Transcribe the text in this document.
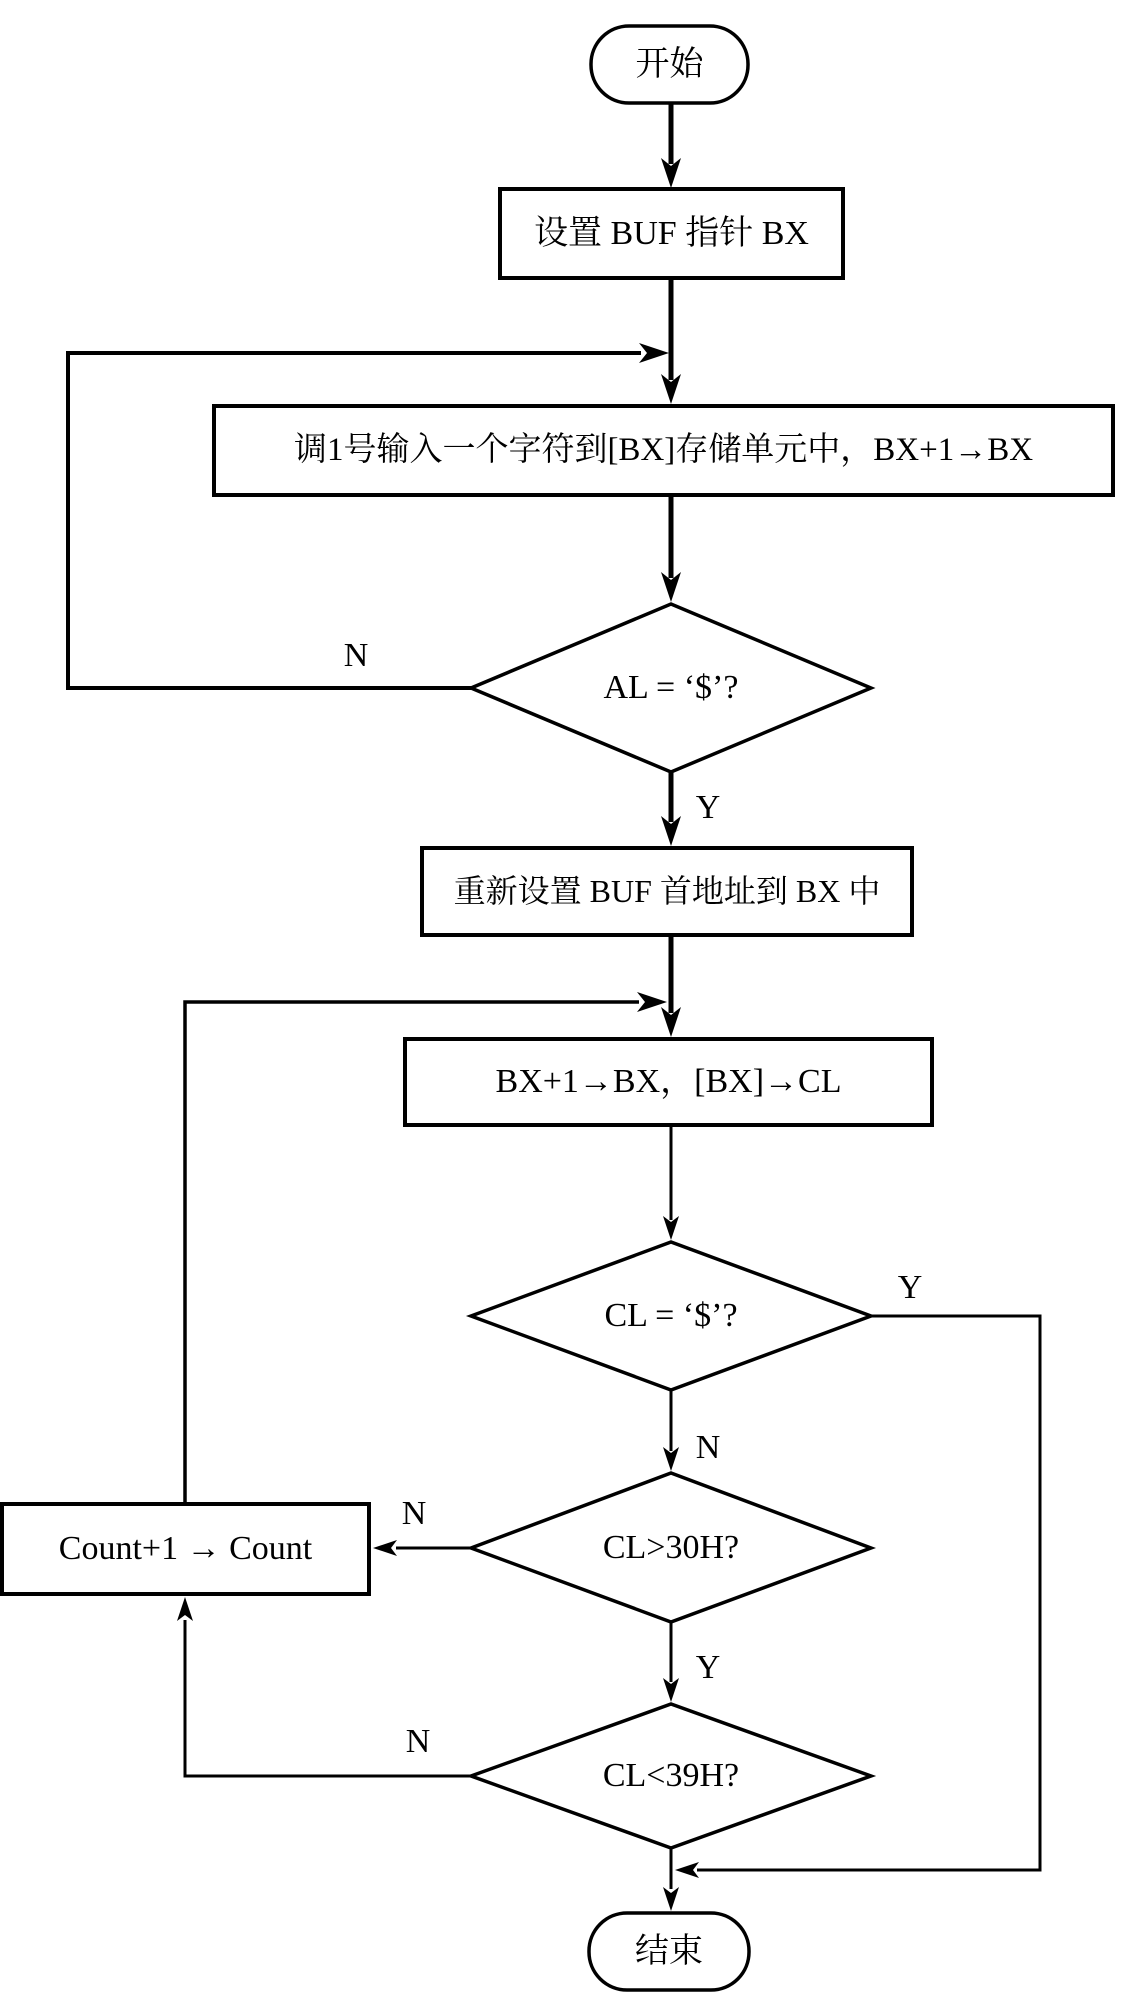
开始
设置 BUF 指针 BX
调1号输入一个字符到[BX]存储单元中，BX+1→BX
AL = ‘$’?
重新设置 BUF 首地址到 BX 中
BX+1→BX，[BX]→CL
CL = ‘$’?
CL>30H?
Count+1 → Count
CL<39H?
结束
N
Y
Y
N
N
Y
N
